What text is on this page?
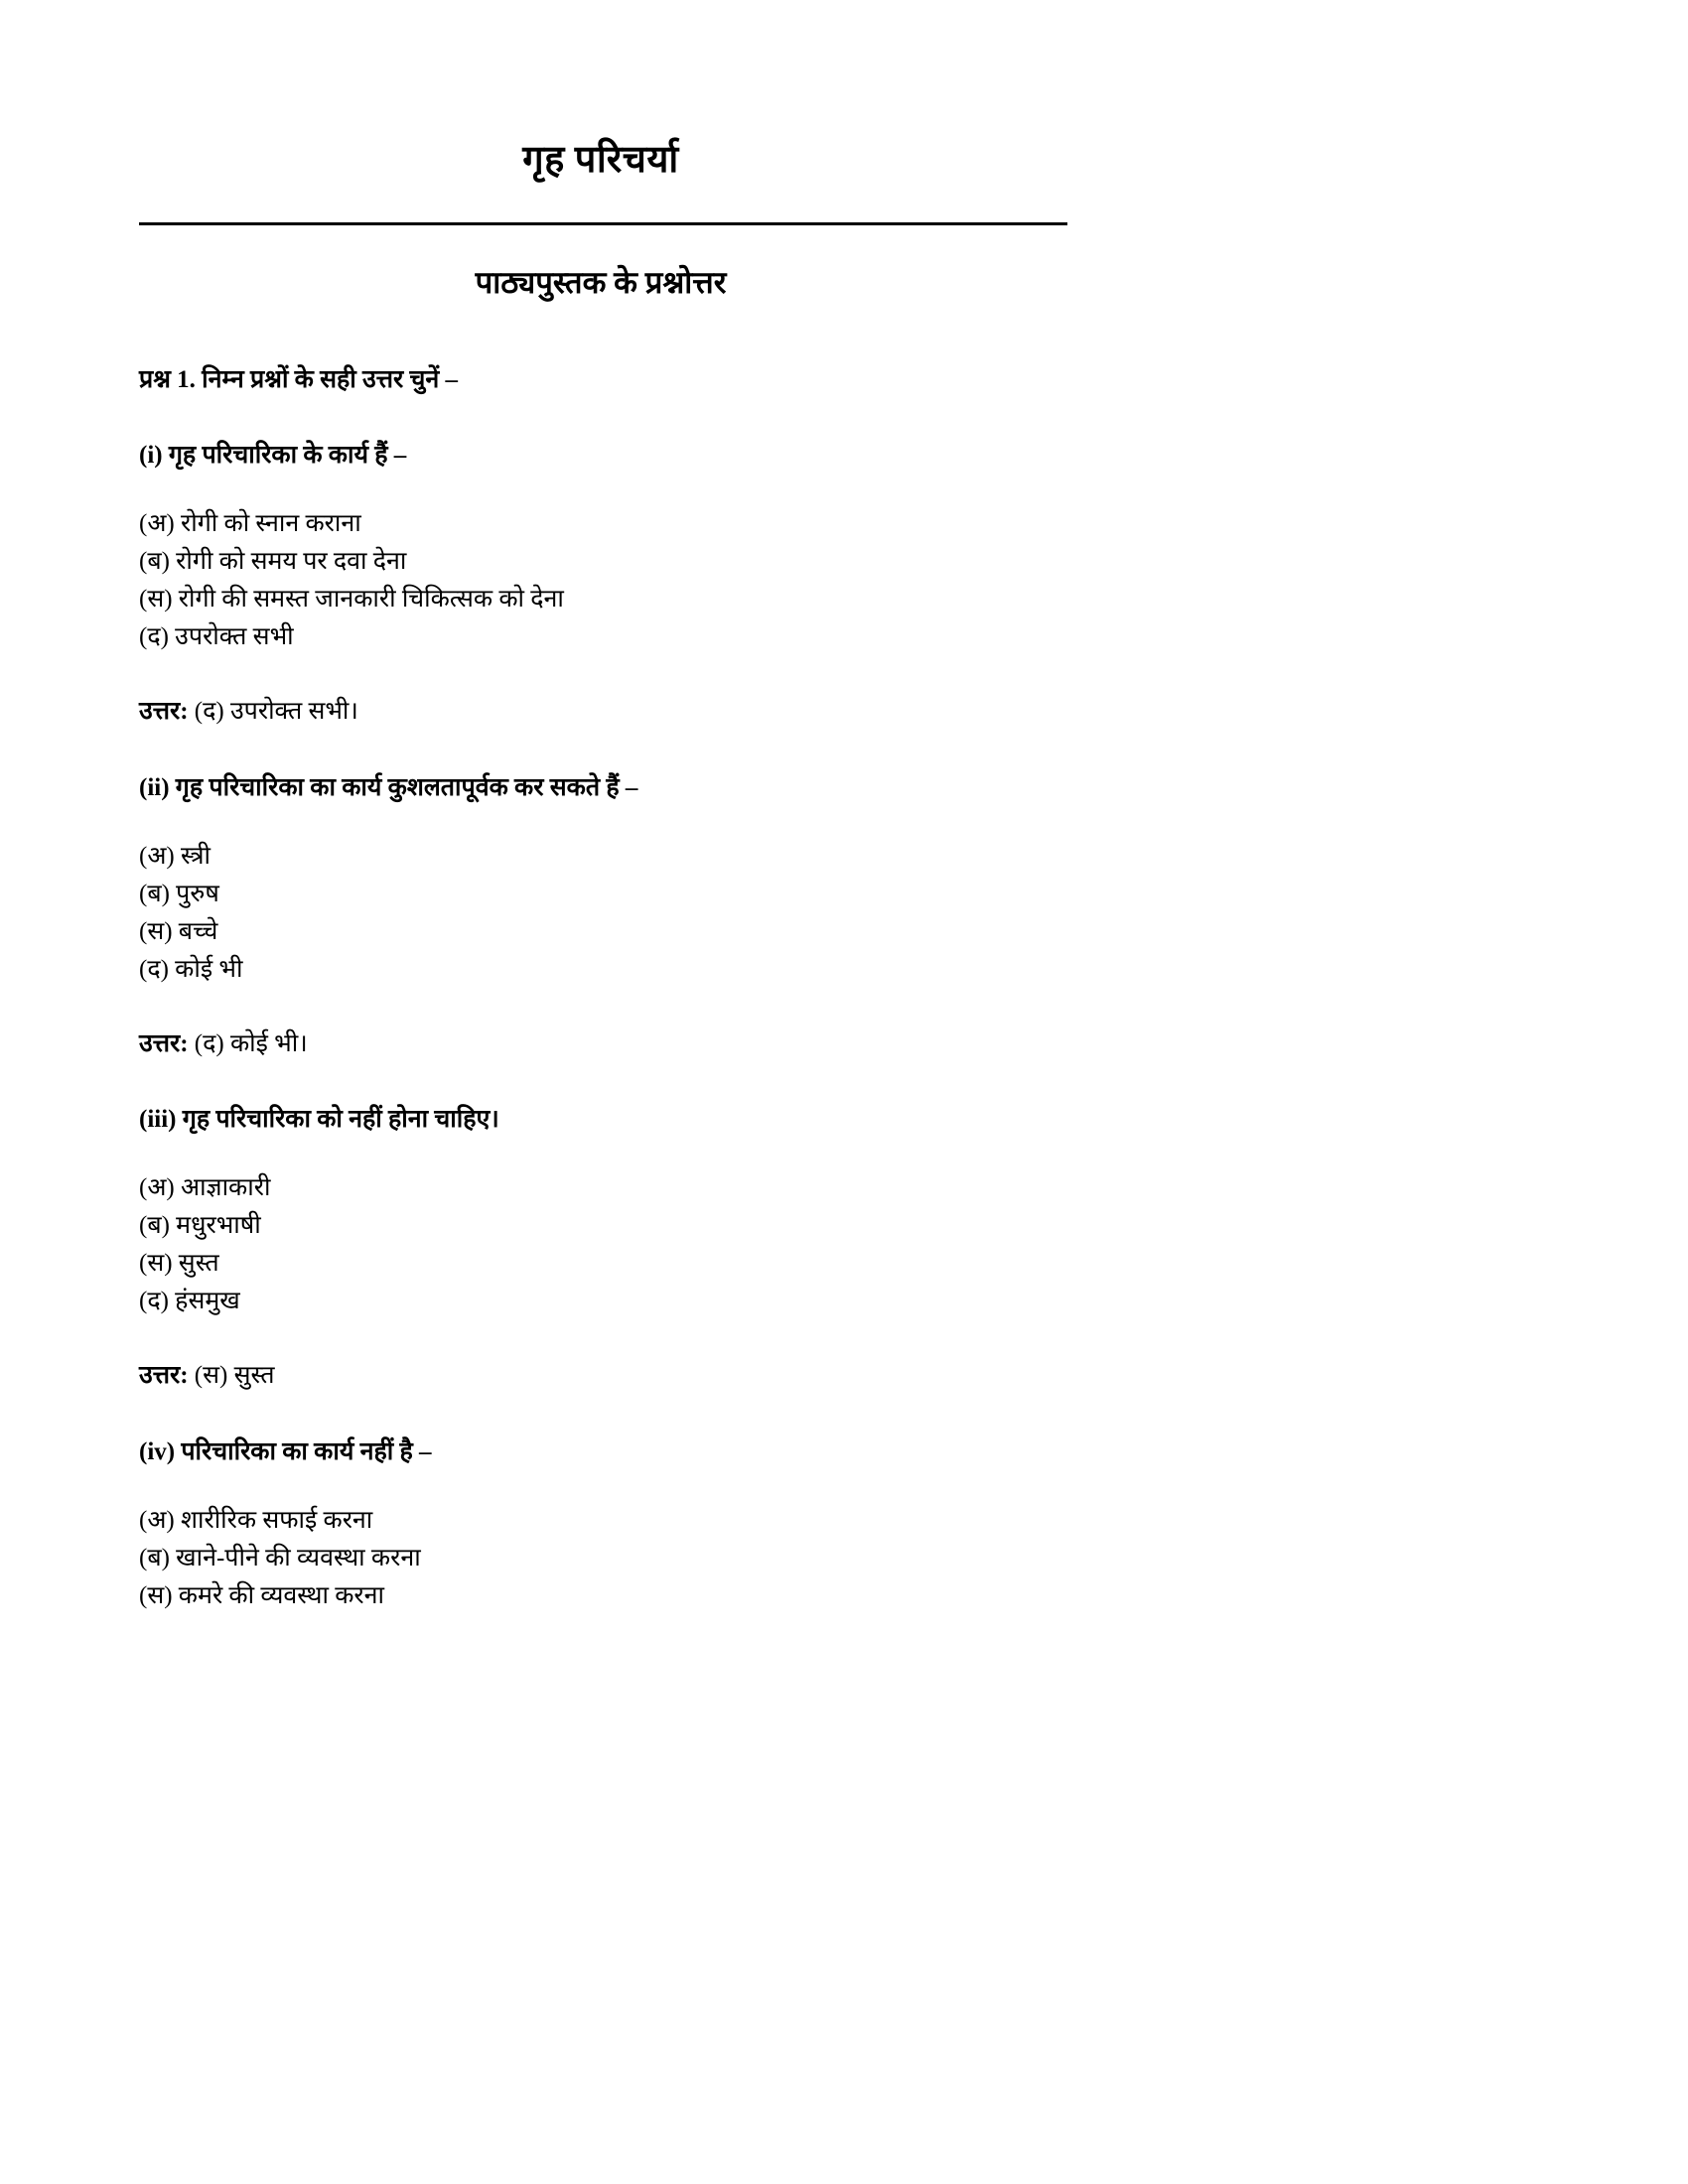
गृह परिचर्या
पाठ्यपुस्तक के प्रश्नोत्तर

प्रश्न 1. निम्न प्रश्नों के सही उत्तर चुनें –

(i) गृह परिचारिका के कार्य हैं –

(अ) रोगी को स्नान कराना
(ब) रोगी को समय पर दवा देना
(स) रोगी की समस्त जानकारी चिकित्सक को देना
(द) उपरोक्त सभी

उत्तर: (द) उपरोक्त सभी।

(ii) गृह परिचारिका का कार्य कुशलतापूर्वक कर सकते हैं –

(अ) स्त्री
(ब) पुरुष
(स) बच्चे
(द) कोई भी

उत्तर: (द) कोई भी।

(iii) गृह परिचारिका को नहीं होना चाहिए।

(अ) आज्ञाकारी
(ब) मधुरभाषी
(स) सुस्त
(द) हंसमुख

उत्तर: (स) सुस्त

(iv) परिचारिका का कार्य नहीं है –

(अ) शारीरिक सफाई करना
(ब) खाने-पीने की व्यवस्था करना
(स) कमरे की व्यवस्था करना
